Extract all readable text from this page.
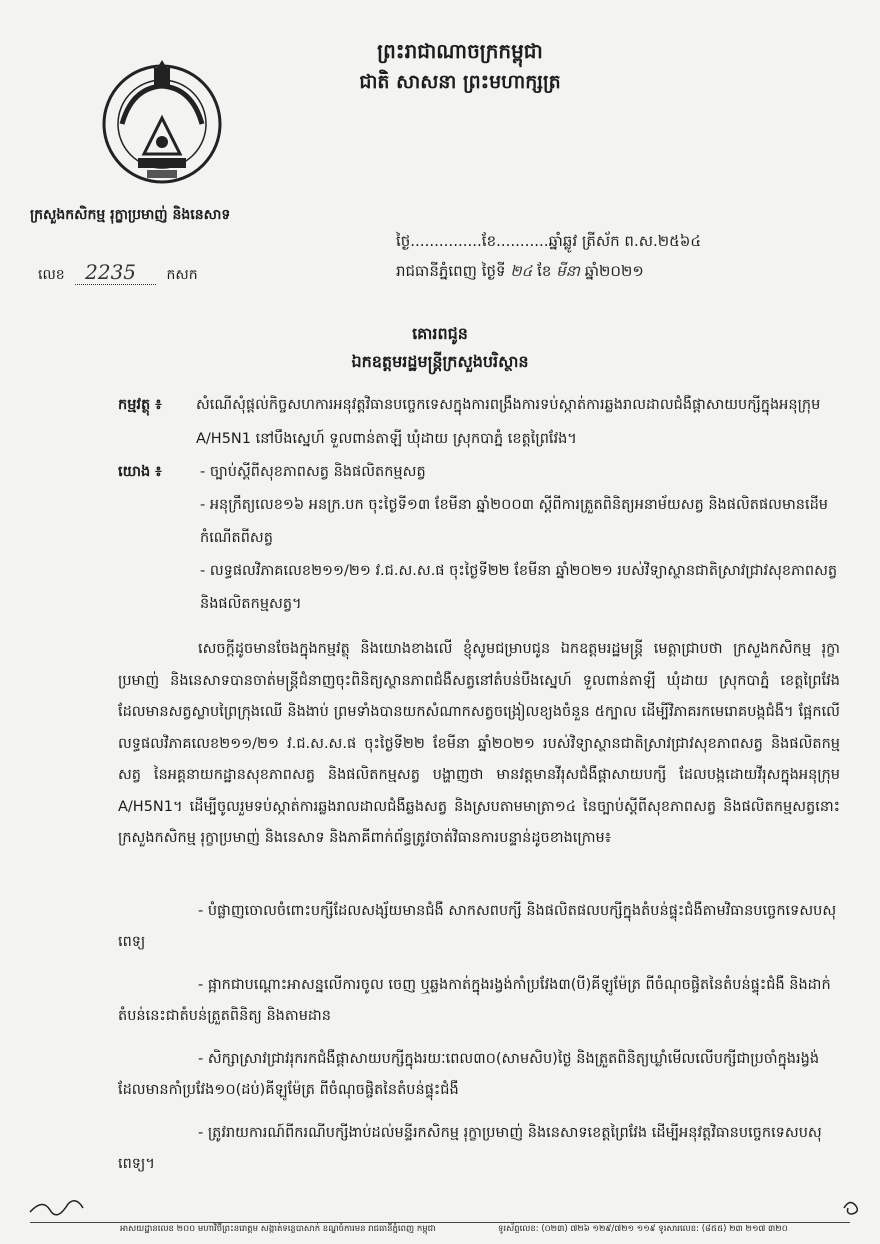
ព្រះរាជាណាចក្រកម្ពុជា
ជាតិ សាសនា ព្រះមហាក្សត្រ
ក្រសួងកសិកម្ម រុក្ខាប្រមាញ់ និងនេសាទ
លេខ 2235 កសក
ថ្ងៃ...............ខែ...........ឆ្នាំឆ្លូវ ត្រីស័ក ព.ស.២៥៦៤
រាជធានីភ្នំពេញ ថ្ងៃទី ២៤ ខែ មីនា ឆ្នាំ២០២១
គោរពជូន
ឯកឧត្តមរដ្ឋមន្ត្រីក្រសួងបរិស្ថាន
កម្មវត្ថុ ៖ សំណើសុំផ្តល់កិច្ចសហការអនុវត្តវិធានបច្ចេកទេសក្នុងការពង្រឹងការទប់ស្កាត់ការឆ្លងរាលដាលជំងឺផ្តាសាយបក្សីក្នុងអនុក្រុម A/H5N1 នៅបឹងស្នេហ៍ ទួលពាន់តាឡី ឃុំដាយ ស្រុកបាភ្នំ ខេត្តព្រៃវែង។
យោង ៖	- ច្បាប់ស្តីពីសុខភាពសត្វ និងផលិតកម្មសត្វ
- អនុក្រឹត្យលេខ១៦ អនក្រ.បក ចុះថ្ងៃទី១៣ ខែមីនា ឆ្នាំ២០០៣ ស្តីពីការត្រួតពិនិត្យអនាម័យសត្វ និងផលិតផលមានដើមកំណើតពីសត្វ
- លទ្ធផលវិភាគលេខ២១១/២១ វ.ជ.ស.ស.ផ ចុះថ្ងៃទី២២ ខែមីនា ឆ្នាំ២០២១ របស់វិទ្យាស្ថានជាតិស្រាវជ្រាវសុខភាពសត្វ និងផលិតកម្មសត្វ។
សេចក្តីដូចមានចែងក្នុងកម្មវត្ថុ និងយោងខាងលើ ខ្ញុំសូមជម្រាបជូន ឯកឧត្តមរដ្ឋមន្ត្រី មេត្តាជ្រាបថា ក្រសួងកសិកម្ម រុក្ខាប្រមាញ់ និងនេសាទបានចាត់មន្ត្រីជំនាញចុះពិនិត្យស្ថានភាពជំងឺសត្វនៅតំបន់បឹងស្នេហ៍ ទួលពាន់តាឡី ឃុំដាយ ស្រុកបាភ្នំ ខេត្តព្រៃវែង ដែលមានសត្វស្លាបព្រៃក្រុងឈើ និងងាប់ ព្រមទាំងបានយកសំណាកសត្វចង្រៀលខ្យងចំនួន ៥ក្បាល ដើម្បីវិភាគរកមេរោគបង្កជំងឺ។ ផ្អែកលើលទ្ធផលវិភាគលេខ២១១/២១ វ.ជ.ស.ស.ផ ចុះថ្ងៃទី២២ ខែមីនា ឆ្នាំ២០២១ របស់វិទ្យាស្ថានជាតិស្រាវជ្រាវសុខភាពសត្វ និងផលិតកម្មសត្វ នៃអគ្គនាយកដ្ឋានសុខភាពសត្វ និងផលិតកម្មសត្វ បង្ហាញថា មានវត្តមានវីរុសជំងឺផ្តាសាយបក្សី ដែលបង្កដោយវីរុសក្នុងអនុក្រុម A/H5N1។ ដើម្បីចូលរួមទប់ស្កាត់ការឆ្លងរាលដាលជំងឺឆ្លងសត្វ និងស្របតាមមាត្រា១៤ នៃច្បាប់ស្តីពីសុខភាពសត្វ និងផលិតកម្មសត្វនោះ ក្រសួងកសិកម្ម រុក្ខាប្រមាញ់ និងនេសាទ និងភាគីពាក់ព័ន្ធត្រូវចាត់វិធានការបន្ទាន់ដូចខាងក្រោម៖
- បំផ្លាញចោលចំពោះបក្សីដែលសង្ស័យមានជំងឺ សាកសពបក្សី និងផលិតផលបក្សីក្នុងតំបន់ផ្ទុះជំងឺតាមវិធានបច្ចេកទេសបសុពេទ្យ
- ផ្អាកជាបណ្តោះអាសន្នលើការចូល ចេញ ឬឆ្លងកាត់ក្នុងរង្វង់កាំប្រវែង៣(បី)គីឡូម៉ែត្រ ពីចំណុចផ្ចិតនៃតំបន់ផ្ទុះជំងឺ និងដាក់តំបន់នេះជាតំបន់ត្រួតពិនិត្យ និងតាមដាន
- សិក្សាស្រាវជ្រាវរុករកជំងឺផ្តាសាយបក្សីក្នុងរយៈពេល៣០(សាមសិប)ថ្ងៃ និងត្រួតពិនិត្យឃ្លាំមើលលើបក្សីជាប្រចាំក្នុងរង្វង់ដែលមានកាំប្រវែង១០(ដប់)គីឡូម៉ែត្រ ពីចំណុចផ្ចិតនៃតំបន់ផ្ទុះជំងឺ
- ត្រូវរាយការណ៍ពីករណីបក្សីងាប់ដល់មន្ទីរកសិកម្ម រុក្ខាប្រមាញ់ និងនេសាទខេត្តព្រៃវែង ដើម្បីអនុវត្តវិធានបច្ចេកទេសបសុពេទ្យ។
អាសយដ្ឋានលេខ ២០០ មហាវិថីព្រះនរោត្តម សង្កាត់ទន្លេបាសាក់ ខណ្ឌចំការមន រាជធានីភ្នំពេញ កម្ពុជា	ទូរស័ព្ទលេខ: (០២៣) ៧២៦ ១២៩/៧២១ ១១៩ ទូរសារលេខ: (៨៥៥) ២៣ ២១៧ ៣២០
